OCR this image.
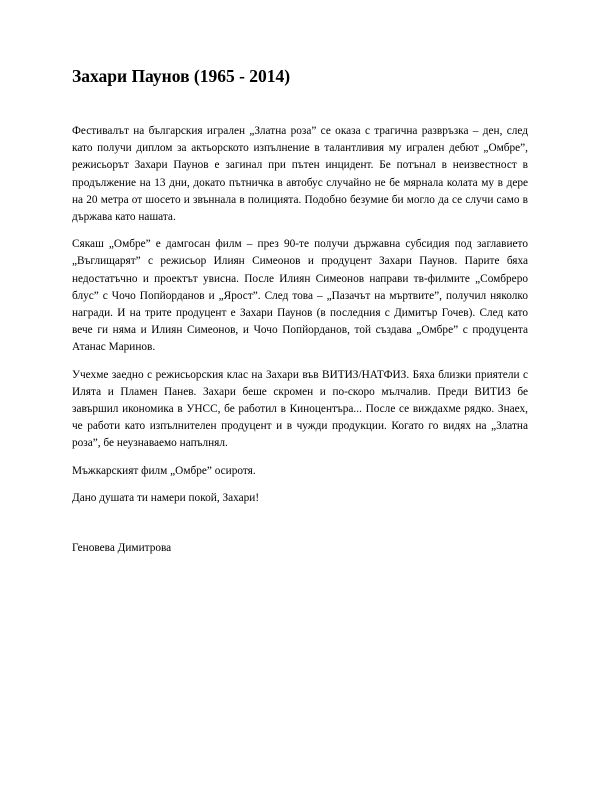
Захари Паунов (1965 - 2014)

Фестивалът на българския игрален „Златна роза” се оказа с трагична развръзка – ден, след като получи диплом за актьорското изпълнение в талантливия му игрален дебют „Омбре”, режисьорът Захари Паунов е загинал при пътен инцидент. Бе потънал в неизвестност в продължение на 13 дни, докато пътничка в автобус случайно не бе мярнала колата му в дере на 20 метра от шосето и звъннала в полицията. Подобно безумие би могло да се случи само в държава като нашата.

Сякаш „Омбре” е дамгосан филм – през 90-те получи държавна субсидия под заглавието „Въглищарят” с режисьор Илиян Симеонов и продуцент Захари Паунов. Парите бяха недостатъчно и проектът увисна. После Илиян Симеонов направи тв-филмите „Сомбреро блус” с Чочо Попйорданов и „Ярост”. След това – „Пазачът на мъртвите”, получил няколко награди. И на трите продуцент е Захари Паунов (в последния с Димитър Гочев). След като вече ги няма и Илиян Симеонов, и Чочо Попйорданов, той създава „Омбре” с продуцента Атанас Маринов.

Учехме заедно с режисьорския клас на Захари във ВИТИЗ/НАТФИЗ. Бяха близки приятели с Илята и Пламен Панев. Захари беше скромен и по-скоро мълчалив. Преди ВИТИЗ бе завършил икономика в УНСС, бе работил в Киноцентъра... После се виждахме рядко. Знаех, че работи като изпълнителен продуцент и в чужди продукции. Когато го видях на „Златна роза”, бе неузнаваемо напълнял.

Мъжкарският филм „Омбре” осиротя.

Дано душата ти намери покой, Захари!

Геновева Димитрова
